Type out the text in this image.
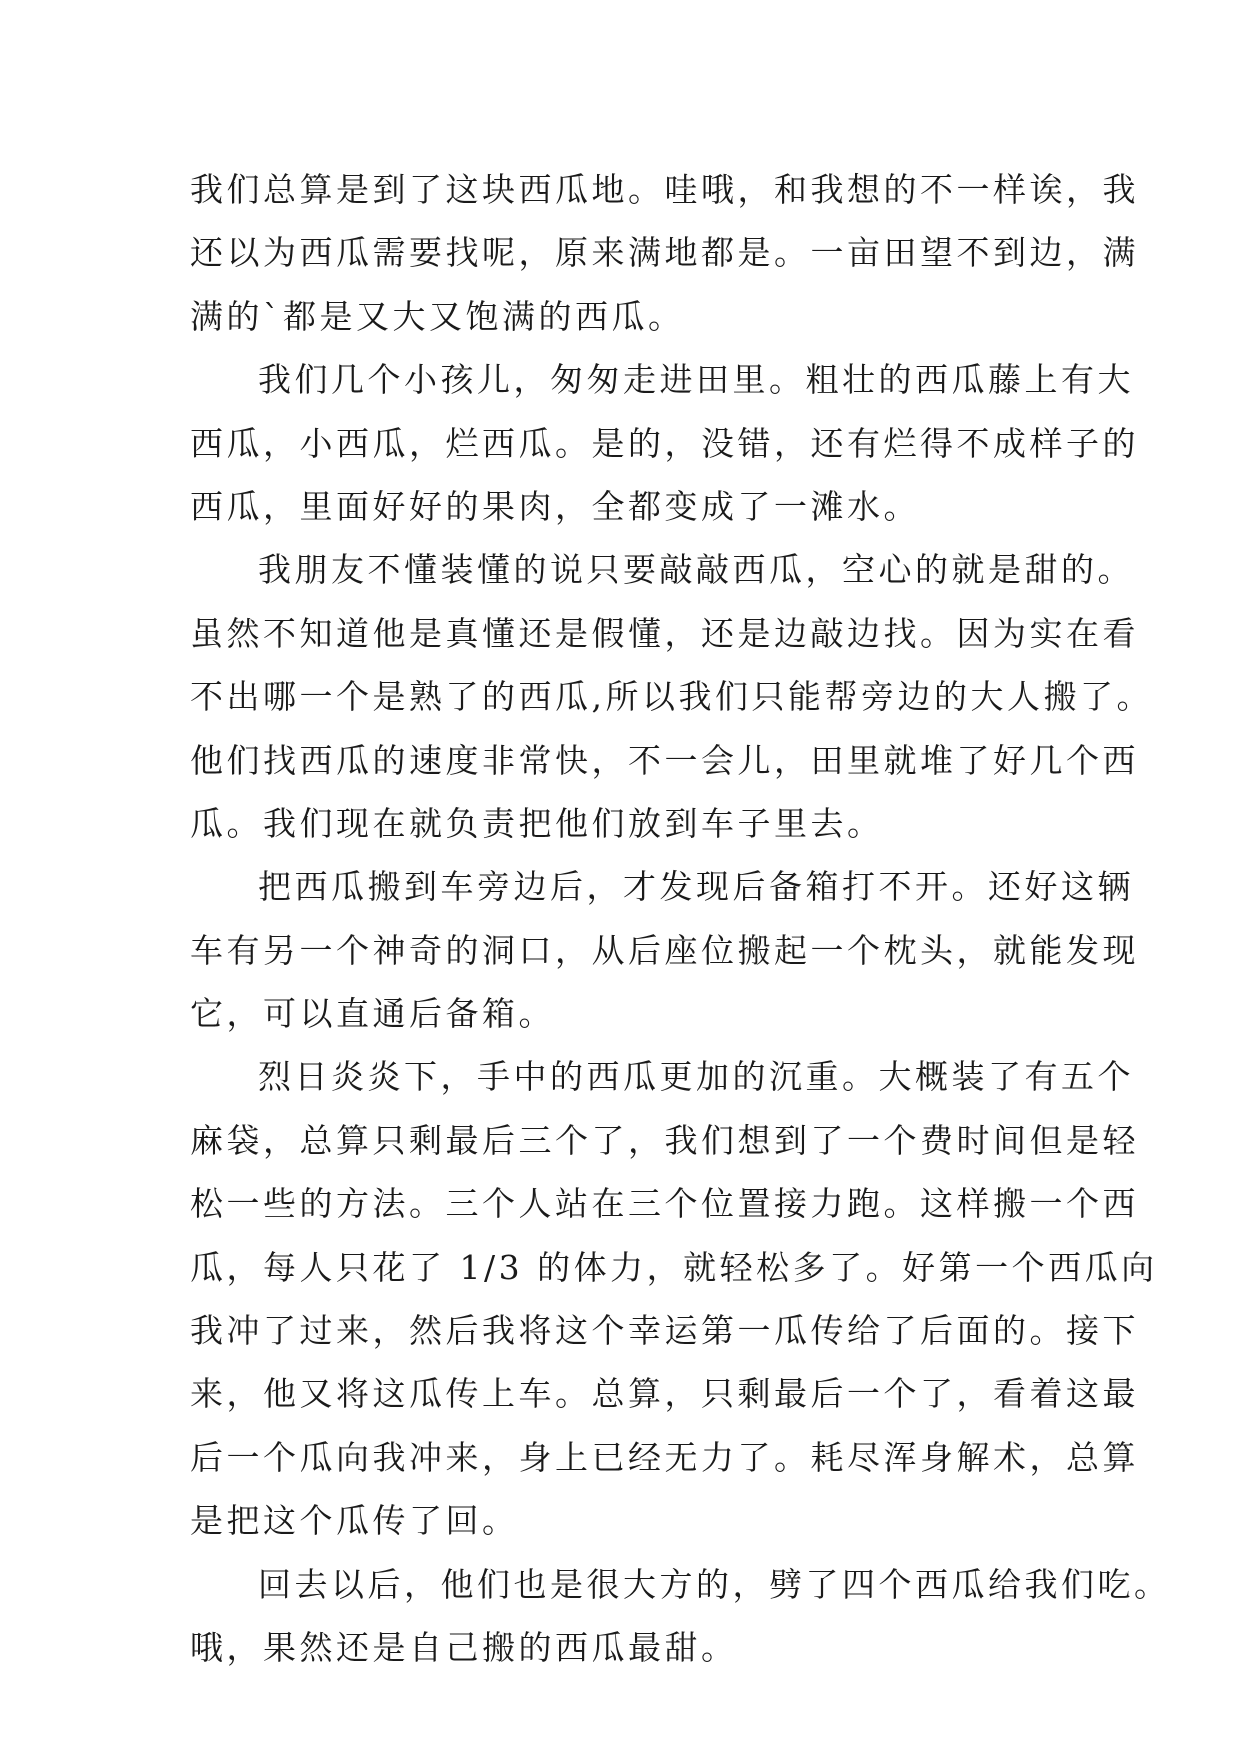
我们总算是到了这块西瓜地。哇哦，和我想的不一样诶，我
还以为西瓜需要找呢，原来满地都是。一亩田望不到边，满
满的`都是又大又饱满的西瓜。
我们几个小孩儿，匆匆走进田里。粗壮的西瓜藤上有大
西瓜，小西瓜，烂西瓜。是的，没错，还有烂得不成样子的
西瓜，里面好好的果肉，全都变成了一滩水。
我朋友不懂装懂的说只要敲敲西瓜，空心的就是甜的。
虽然不知道他是真懂还是假懂，还是边敲边找。因为实在看
不出哪一个是熟了的西瓜,所以我们只能帮旁边的大人搬了。
他们找西瓜的速度非常快，不一会儿，田里就堆了好几个西
瓜。我们现在就负责把他们放到车子里去。
把西瓜搬到车旁边后，才发现后备箱打不开。还好这辆
车有另一个神奇的洞口，从后座位搬起一个枕头，就能发现
它，可以直通后备箱。
烈日炎炎下，手中的西瓜更加的沉重。大概装了有五个
麻袋，总算只剩最后三个了，我们想到了一个费时间但是轻
松一些的方法。三个人站在三个位置接力跑。这样搬一个西
瓜，每人只花了 1/3 的体力，就轻松多了。好第一个西瓜向
我冲了过来，然后我将这个幸运第一瓜传给了后面的。接下
来，他又将这瓜传上车。总算，只剩最后一个了，看着这最
后一个瓜向我冲来，身上已经无力了。耗尽浑身解术，总算
是把这个瓜传了回。
回去以后，他们也是很大方的，劈了四个西瓜给我们吃。
哦，果然还是自己搬的西瓜最甜。
